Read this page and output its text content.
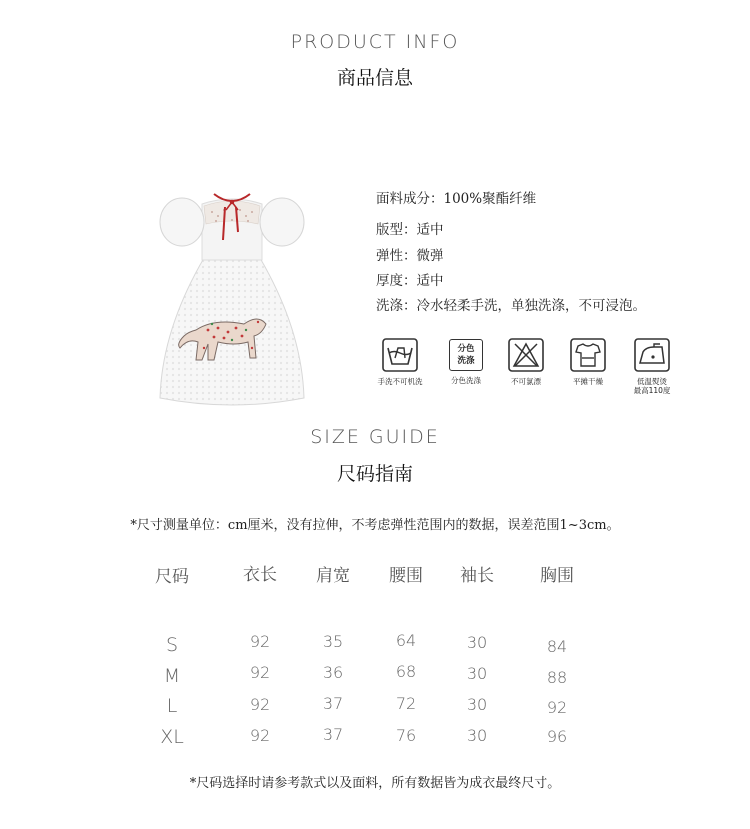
PRODUCT INFO
商品信息
面料成分：100%聚酯纤维
版型：适中
弹性：微弹
厚度：适中
洗涤：冷水轻柔手洗，单独洗涤，不可浸泡。
手洗不可机洗
分色
洗涤
分色洗涤	不可氯漂	平摊干燥	低温熨烫
最高110度
SIZE GUIDE
尺码指南
*尺寸测量单位：cm厘米，没有拉伸，不考虑弹性范围内的数据，误差范围1~3cm。
尺码	衣长	肩宽	腰围	袖长	胸围
S	92	35	64	30	84
M	92	36	68	30	88
L	92	37	72	30	92
XL	92	37	76	30	96
*尺码选择时请参考款式以及面料，所有数据皆为成衣最终尺寸。
